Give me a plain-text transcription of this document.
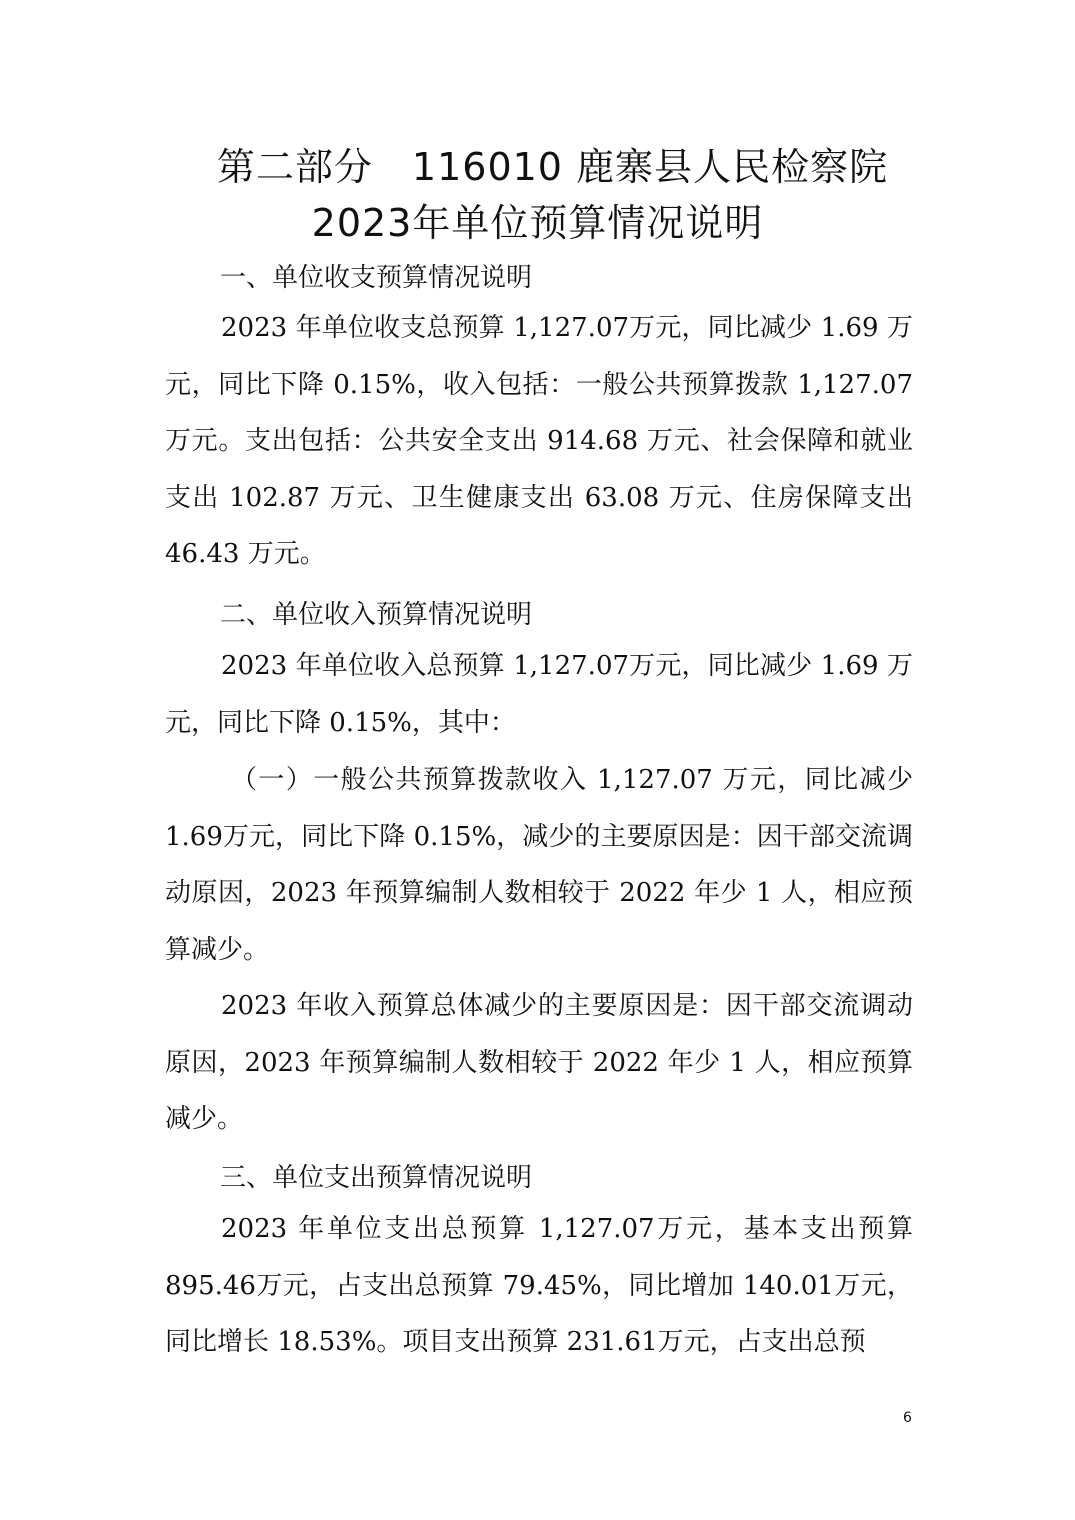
第二部分　116010 鹿寨县人民检察院
2023年单位预算情况说明
一、单位收支预算情况说明

2023 年单位收支总预算 1,127.07万元，同比减少 1.69 万元，同比下降 0.15%，收入包括：一般公共预算拨款 1,127.07 万元。支出包括：公共安全支出 914.68 万元、社会保障和就业支出 102.87 万元、卫生健康支出 63.08 万元、住房保障支出 46.43 万元。

二、单位收入预算情况说明

2023 年单位收入总预算 1,127.07万元，同比减少 1.69 万元，同比下降 0.15%，其中：

（一）一般公共预算拨款收入 1,127.07 万元，同比减少 1.69万元，同比下降 0.15%，减少的主要原因是：因干部交流调动原因，2023 年预算编制人数相较于 2022 年少 1 人，相应预算减少。

2023 年收入预算总体减少的主要原因是：因干部交流调动原因，2023 年预算编制人数相较于 2022 年少 1 人，相应预算减少。

三、单位支出预算情况说明

2023 年单位支出总预算 1,127.07万元，基本支出预算 895.46万元，占支出总预算 79.45%，同比增加 140.01万元，同比增长 18.53%。项目支出预算 231.61万元，占支出总预

6
